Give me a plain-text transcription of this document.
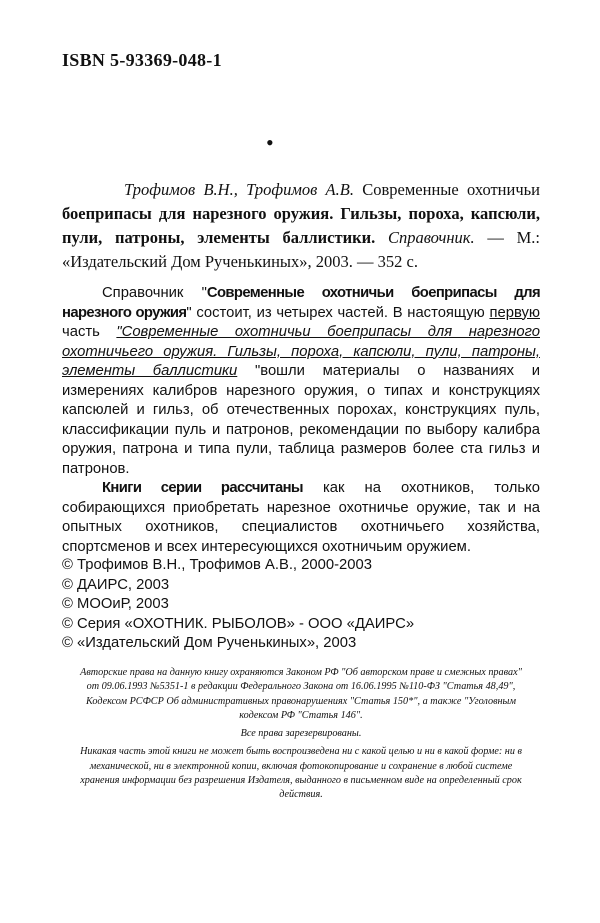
ISBN 5-93369-048-1
•

Трофимов В.Н., Трофимов А.В. Современные охотничьи боеприпасы для нарезного оружия. Гильзы, пороха, капсюли, пули, патроны, элементы баллистики. Справочник. — М.: «Издательский Дом Рученькиных», 2003. — 352 с.

Справочник "Современные охотничьи боеприпасы для нарезного оружия" состоит, из четырех частей. В настоящую первую часть "Современные охотничьи боеприпасы для нарезного охотничьего оружия. Гильзы, пороха, капсюли, пули, патроны, элементы баллистики "вошли материалы о названиях и измерениях калибров нарезного оружия, о типах и конструкциях капсюлей и гильз, об отечественных порохах, конструкциях пуль, классификации пуль и патронов, рекомендации по выбору калибра оружия, патрона и типа пули, таблица размеров более ста гильз и патронов.

Книги серии рассчитаны как на охотников, только собирающихся приобретать нарезное охотничье оружие, так и на опытных охотников, специалистов охотничьего хозяйства, спортсменов и всех интересующихся охотничьим оружием.

© Трофимов В.Н., Трофимов А.В., 2000-2003
© ДАИРС, 2003
© МООиР, 2003
© Серия «ОХОТНИК. РЫБОЛОВ» - ООО «ДАИРС»
© «Издательский Дом Рученькиных», 2003

Авторские права на данную книгу охраняются Законом РФ "Об авторском праве и смежных правах" от 09.06.1993 №5351-1 в редакции Федерального Закона от 16.06.1995 №110-ФЗ "Статья 48,49", Кодексом РСФСР Об административных правонарушениях "Статья 150*", а также "Уголовным кодексом РФ "Статья 146".

Все права зарезервированы.

Никакая часть этой книги не может быть воспроизведена ни с какой целью и ни в какой форме: ни в механической, ни в электронной копии, включая фотокопирование и сохранение в любой системе хранения информации без разрешения Издателя, выданного в письменном виде на определенный срок действия.
